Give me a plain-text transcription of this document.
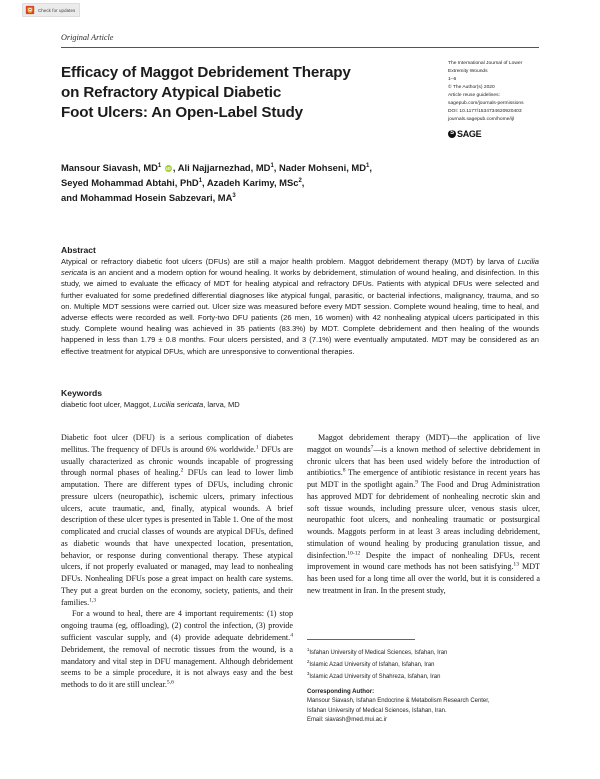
Check for updates
Original Article
Efficacy of Maggot Debridement Therapy
on Refractory Atypical Diabetic
Foot Ulcers: An Open-Label Study
The International Journal of Lower
Extremity Wounds
1–6
© The Author(s) 2020
Article reuse guidelines:
sagepub.com/journals-permissions
DOI: 10.1177/1534734620920403
journals.sagepub.com/home/ijl
S SAGE
Mansour Siavash, $MD^1$ iD , Ali Najjarnezhad, $MD^1$, Nader Mohseni, $MD^1$,
Seyed Mohammad Abtahi, PhD$^1$, Azadeh Karimy, MSc$^2$,
and Mohammad Hosein Sabzevari, $MA^3$
Abstract
Atypical or refractory diabetic foot ulcers (DFUs) are still a major health problem. Maggot debridement therapy (MDT) by larva of Lucilia sericata is an ancient and a modern option for wound healing. It works by debridement, stimulation of wound healing, and disinfection. In this study, we aimed to evaluate the efficacy of MDT for healing atypical and refractory DFUs. Patients with atypical DFUs were selected and further evaluated for some predefined differential diagnoses like atypical fungal, parasitic, or bacterial infections, malignancy, trauma, and so on. Multiple MDT sessions were carried out. Ulcer size was measured before every MDT session. Complete wound healing, time to heal, and adverse effects were recorded as well. Forty-two DFU patients (26 men, 16 women) with 42 nonhealing atypical ulcers participated in this study. Complete wound healing was achieved in 35 patients (83.3%) by MDT. Complete debridement and then healing of the wounds happened in less than 1.79 ± 0.8 months. Four ulcers persisted, and 3 (7.1%) were eventually amputated. MDT may be considered as an effective treatment for atypical DFUs, which are unresponsive to conventional therapies.
Keywords
diabetic foot ulcer, Maggot, Lucilia sericata, larva, MD

Diabetic foot ulcer (DFU) is a serious complication of diabetes mellitus. The frequency of DFUs is around 6% worldwide.$^1$ DFUs are usually characterized as chronic wounds incapable of progressing through normal phases of healing.$^2$ DFUs can lead to lower limb amputation. There are different types of DFUs, including chronic pressure ulcers (neuropathic), ischemic ulcers, primary infectious ulcers, acute traumatic, and, finally, atypical wounds. A brief description of these ulcer types is presented in Table 1. One of the most complicated and crucial classes of wounds are atypical DFUs, defined as diabetic wounds that have unexpected location, presentation, behavior, or response during conventional therapy. These atypical ulcers, if not properly evaluated or managed, may lead to nonhealing DFUs. Nonhealing DFUs pose a great impact on health care systems. They put a great burden on the economy, society, patients, and their families.$^{1,3}$

For a wound to heal, there are 4 important requirements: (1) stop ongoing trauma (eg, offloading), (2) control the infection, (3) provide sufficient vascular supply, and (4) provide adequate debridement.$^4$ Debridement, the removal of necrotic tissues from the wound, is a mandatory and vital step in DFU management. Although debridement seems to be a simple procedure, it is not always easy and the best methods to do it are still unclear.$^{5,6}$

Maggot debridement therapy (MDT)—the application of live maggot on wounds$^7$—is a known method of selective debridement in chronic ulcers that has been used widely before the introduction of antibiotics.$^8$ The emergence of antibiotic resistance in recent years has put MDT in the spotlight again.$^9$ The Food and Drug Administration has approved MDT for debridement of nonhealing necrotic skin and soft tissue wounds, including pressure ulcer, venous stasis ulcer, neuropathic foot ulcers, and nonhealing traumatic or postsurgical wounds. Maggots perform in at least 3 areas including debridement, stimulation of wound healing by producing granulation tissue, and disinfection.$^{10-12}$ Despite the impact of nonhealing DFUs, recent improvement in wound care methods has not been satisfying.$^{13}$ MDT has been used for a long time all over the world, but it is considered a new treatment in Iran. In the present study,

$^1$Isfahan University of Medical Sciences, Isfahan, Iran
$^2$Islamic Azad University of Isfahan, Isfahan, Iran
$^3$Islamic Azad University of Shahreza, Isfahan, Iran
Corresponding Author:
Mansour Siavash, Isfahan Endocrine & Metabolism Research Center,
Isfahan University of Medical Sciences, Isfahan, Iran.
Email: siavash@med.mui.ac.ir
